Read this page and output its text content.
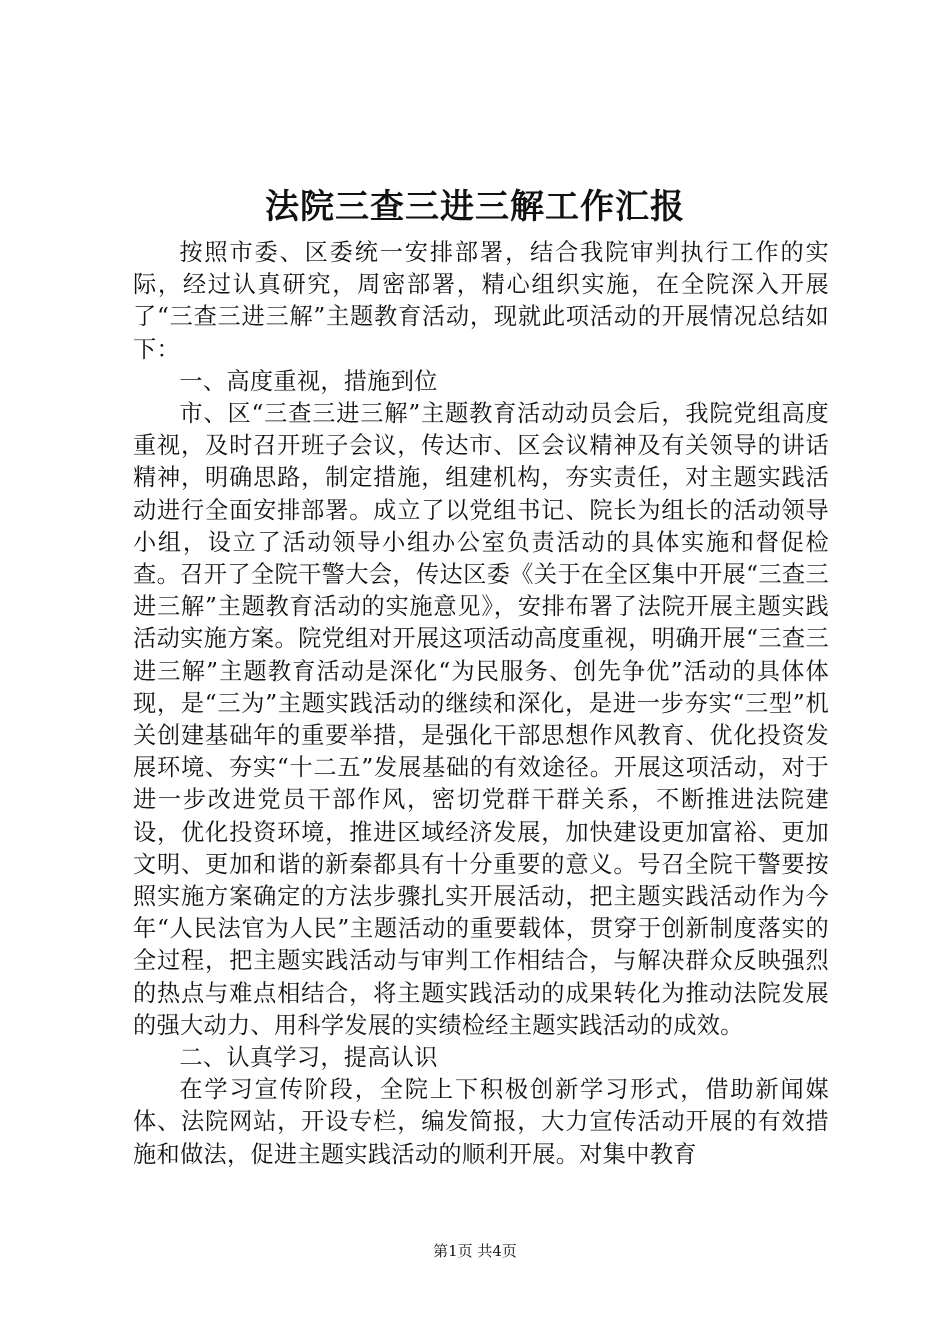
法院三查三进三解工作汇报

按照市委、区委统一安排部署，结合我院审判执行工作的实际，经过认真研究，周密部署，精心组织实施，在全院深入开展了“三查三进三解”主题教育活动，现就此项活动的开展情况总结如下：

一、高度重视，措施到位

市、区“三查三进三解”主题教育活动动员会后，我院党组高度重视，及时召开班子会议，传达市、区会议精神及有关领导的讲话精神，明确思路，制定措施，组建机构，夯实责任，对主题实践活动进行全面安排部署。成立了以党组书记、院长为组长的活动领导小组，设立了活动领导小组办公室负责活动的具体实施和督促检查。召开了全院干警大会，传达区委《关于在全区集中开展“三查三进三解”主题教育活动的实施意见》，安排布署了法院开展主题实践活动实施方案。院党组对开展这项活动高度重视，明确开展“三查三进三解”主题教育活动是深化“为民服务、创先争优”活动的具体体现，是“三为”主题实践活动的继续和深化，是进一步夯实“三型”机关创建基础年的重要举措，是强化干部思想作风教育、优化投资发展环境、夯实“十二五”发展基础的有效途径。开展这项活动，对于进一步改进党员干部作风，密切党群干群关系，不断推进法院建设，优化投资环境，推进区域经济发展，加快建设更加富裕、更加文明、更加和谐的新秦都具有十分重要的意义。号召全院干警要按照实施方案确定的方法步骤扎实开展活动，把主题实践活动作为今年“人民法官为人民”主题活动的重要载体，贯穿于创新制度落实的全过程，把主题实践活动与审判工作相结合，与解决群众反映强烈的热点与难点相结合，将主题实践活动的成果转化为推动法院发展的强大动力、用科学发展的实绩检经主题实践活动的成效。

二、认真学习，提高认识

在学习宣传阶段，全院上下积极创新学习形式，借助新闻媒体、法院网站，开设专栏，编发简报，大力宣传活动开展的有效措施和做法，促进主题实践活动的顺利开展。对集中教育

第1页 共4页
